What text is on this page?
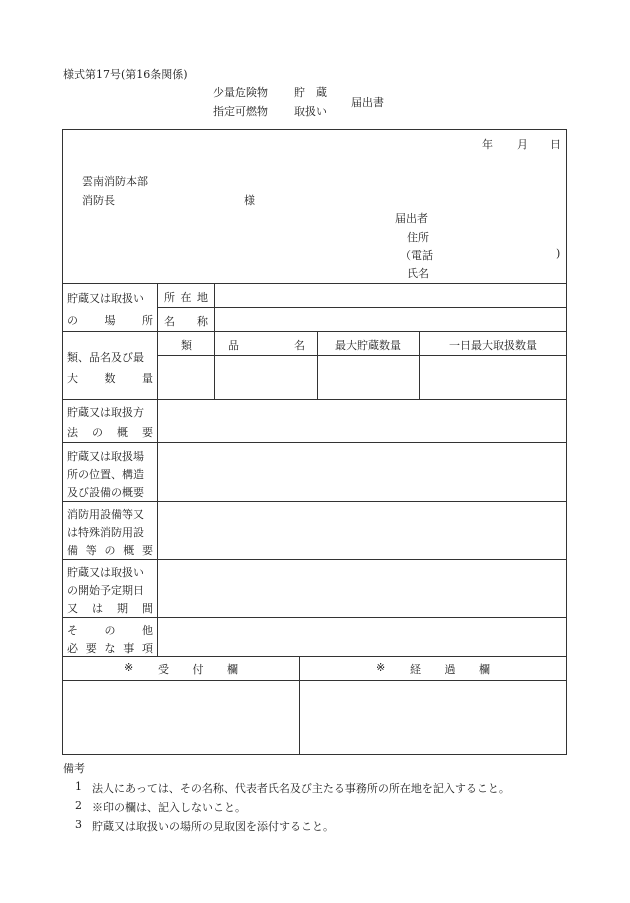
様式第17号(第16条関係)
少量危険物
指定可燃物
貯　蔵
取扱い
届出書
年 月 日
雲南消防本部
消防長	様
届出者
住所
（電話	)
氏名
貯蔵又は取扱い
の 場 所
所 在 地
名 称
類、品名及び最
大 数 量
類	品	名	最大貯蔵数量	一日最大取扱数量
貯蔵又は取扱方
法 の 概 要
貯蔵又は取扱場
所の位置、構造
及び設備の概要
消防用設備等又
は特殊消防用設
備 等 の 概 要
貯蔵又は取扱い
の開始予定期日
又 は 期 間
そ の 他
必 要 な 事 項
※ 受 付 欄	※ 経 過 欄
備考
1 法人にあっては、その名称、代表者氏名及び主たる事務所の所在地を記入すること。
2 ※印の欄は、記入しないこと。
3 貯蔵又は取扱いの場所の見取図を添付すること。
